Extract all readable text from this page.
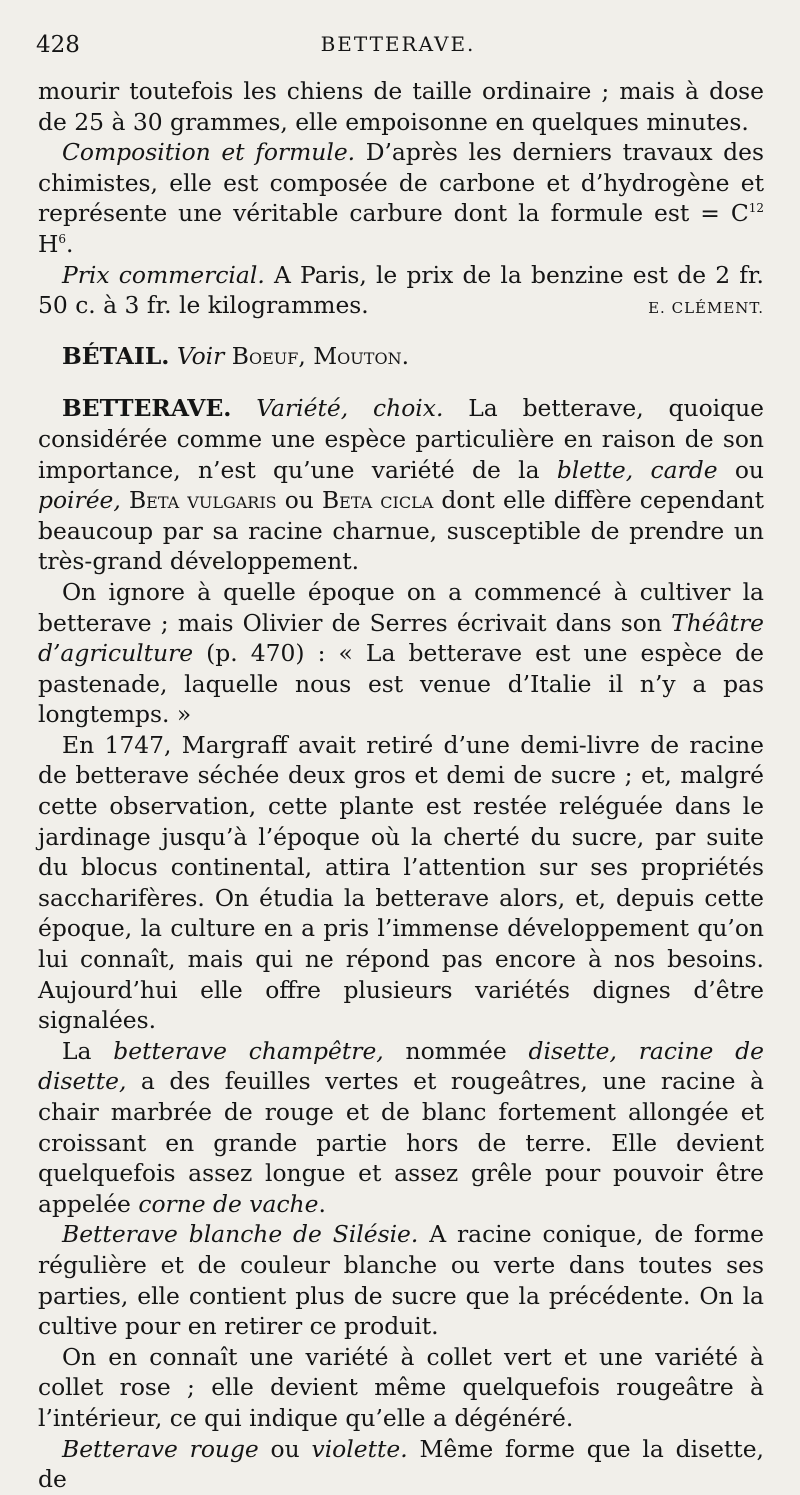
428	BETTERAVE.

mourir toutefois les chiens de taille ordinaire ; mais à dose de 25 à 30 grammes, elle empoisonne en quelques minutes.

Composition et formule. D’après les derniers travaux des chimistes, elle est composée de carbone et d’hydrogène et représente une véritable carbure dont la formule est = $C^{12}$ $H^6$.

Prix commercial. A Paris, le prix de la benzine est de 2 fr. 50 c. à 3 fr. le kilogrammes.	E. CLÉMENT.

BÉTAIL. Voir Boeuf, Mouton.

BETTERAVE. Variété, choix. La betterave, quoique considérée comme une espèce particulière en raison de son importance, n’est qu’une variété de la blette, carde ou poirée, Beta vulgaris ou Beta cicla dont elle diffère cependant beaucoup par sa racine charnue, susceptible de prendre un très-grand développement.

On ignore à quelle époque on a commencé à cultiver la betterave ; mais Olivier de Serres écrivait dans son Théâtre d’agriculture (p. 470) : « La betterave est une espèce de pastenade, laquelle nous est venue d’Italie il n’y a pas longtemps. »

En 1747, Margraff avait retiré d’une demi-livre de racine de betterave séchée deux gros et demi de sucre ; et, malgré cette observation, cette plante est restée reléguée dans le jardinage jusqu’à l’époque où la cherté du sucre, par suite du blocus continental, attira l’attention sur ses propriétés saccharifères. On étudia la betterave alors, et, depuis cette époque, la culture en a pris l’immense développement qu’on lui connaît, mais qui ne répond pas encore à nos besoins. Aujourd’hui elle offre plusieurs variétés dignes d’être signalées.

La betterave champêtre, nommée disette, racine de disette, a des feuilles vertes et rougeâtres, une racine à chair marbrée de rouge et de blanc fortement allongée et croissant en grande partie hors de terre. Elle devient quelquefois assez longue et assez grêle pour pouvoir être appelée corne de vache.

Betterave blanche de Silésie. A racine conique, de forme régulière et de couleur blanche ou verte dans toutes ses parties, elle contient plus de sucre que la précédente. On la cultive pour en retirer ce produit.

On en connaît une variété à collet vert et une variété à collet rose ; elle devient même quelquefois rougeâtre à l’intérieur, ce qui indique qu’elle a dégénéré.

Betterave rouge ou violette. Même forme que la disette, de
